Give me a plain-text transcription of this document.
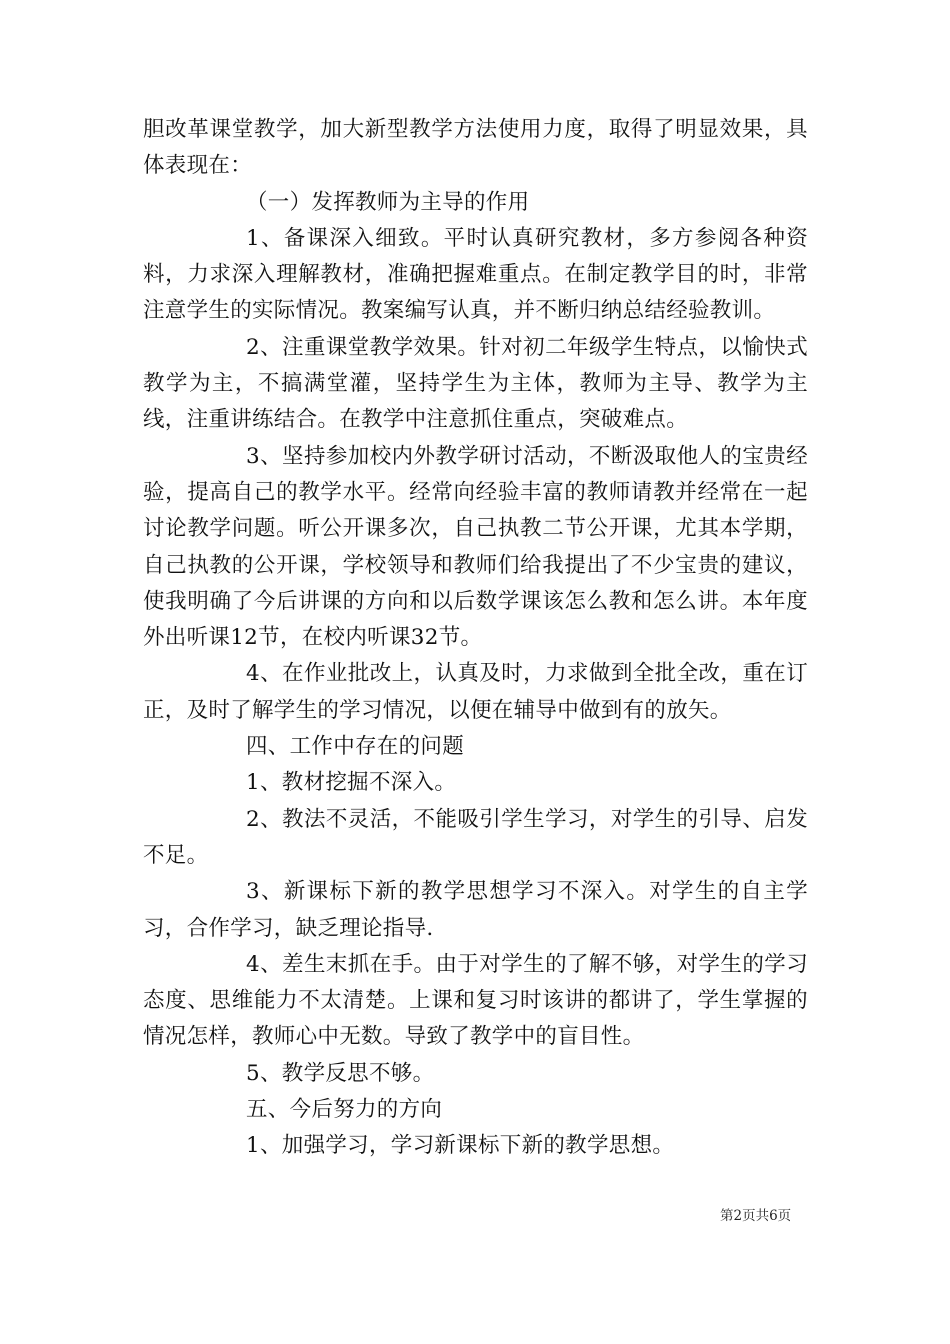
胆改革课堂教学，加大新型教学方法使用力度，取得了明显效果，具体表现在：

（一）发挥教师为主导的作用

1、备课深入细致。平时认真研究教材，多方参阅各种资料，力求深入理解教材，准确把握难重点。在制定教学目的时，非常注意学生的实际情况。教案编写认真，并不断归纳总结经验教训。

2、注重课堂教学效果。针对初二年级学生特点，以愉快式教学为主，不搞满堂灌，坚持学生为主体，教师为主导、教学为主线，注重讲练结合。在教学中注意抓住重点，突破难点。

3、坚持参加校内外教学研讨活动，不断汲取他人的宝贵经验，提高自己的教学水平。经常向经验丰富的教师请教并经常在一起讨论教学问题。听公开课多次，自己执教二节公开课，尤其本学期，自己执教的公开课，学校领导和教师们给我提出了不少宝贵的建议，使我明确了今后讲课的方向和以后数学课该怎么教和怎么讲。本年度外出听课12节，在校内听课32节。

4、在作业批改上，认真及时，力求做到全批全改，重在订正，及时了解学生的学习情况，以便在辅导中做到有的放矢。

四、工作中存在的问题

1、教材挖掘不深入。

2、教法不灵活，不能吸引学生学习，对学生的引导、启发不足。

3、新课标下新的教学思想学习不深入。对学生的自主学习，合作学习，缺乏理论指导.

4、差生末抓在手。由于对学生的了解不够，对学生的学习态度、思维能力不太清楚。上课和复习时该讲的都讲了，学生掌握的情况怎样，教师心中无数。导致了教学中的盲目性。

5、教学反思不够。

五、今后努力的方向

1、加强学习，学习新课标下新的教学思想。

第2页共6页
